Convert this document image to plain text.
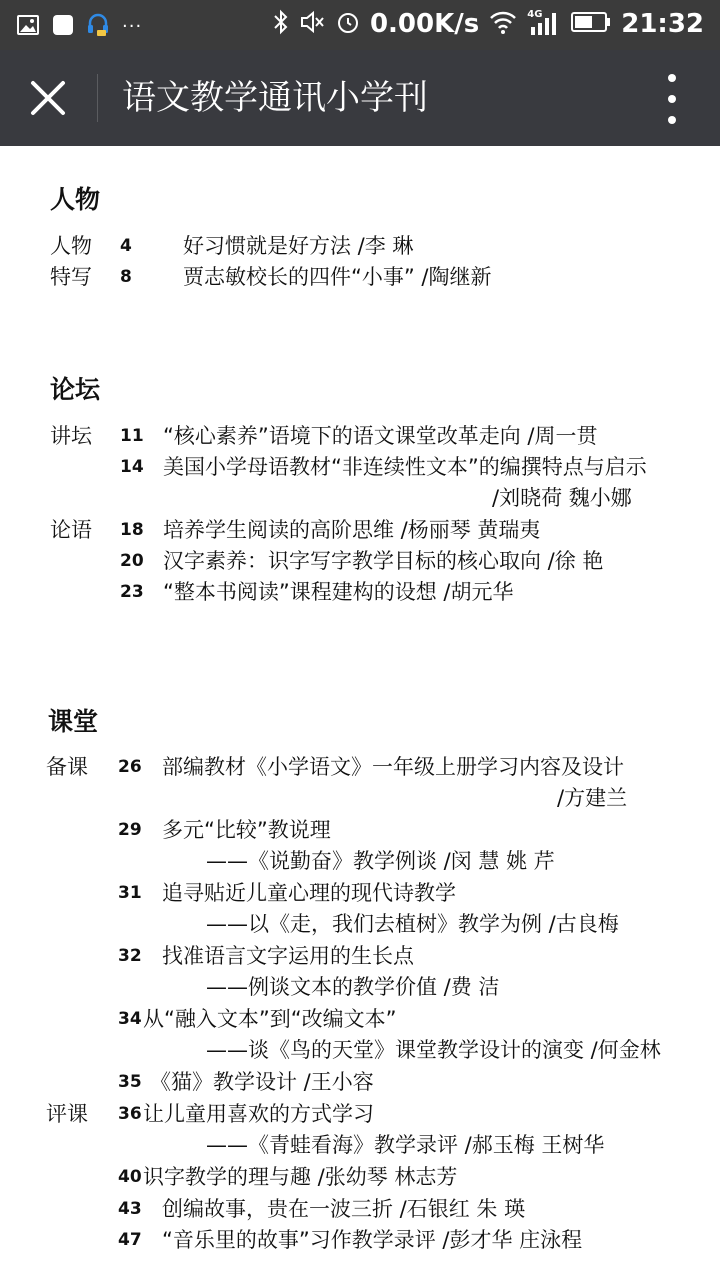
···	0.00K/s	4G	21:32
语文教学通讯小学刊
人物
人物 4 好习惯就是好方法 /李 琳
特写 8 贾志敏校长的四件“小事” /陶继新
论坛
讲坛 11 “核心素养”语境下的语文课堂改革走向 /周一贯
14 美国小学母语教材“非连续性文本”的编撰特点与启示
/刘晓荷 魏小娜
论语 18 培养学生阅读的高阶思维 /杨丽琴 黄瑞夷
20 汉字素养：识字写字教学目标的核心取向 /徐 艳
23 “整本书阅读”课程建构的设想 /胡元华
课堂
备课 26 部编教材《小学语文》一年级上册学习内容及设计
/方建兰
29 多元“比较”教说理
——《说勤奋》教学例谈 /闵 慧 姚 芹
31 追寻贴近儿童心理的现代诗教学
——以《走，我们去植树》教学为例 /古良梅
32 找准语言文字运用的生长点
——例谈文本的教学价值 /费 洁
34 从“融入文本”到“改编文本”
——谈《鸟的天堂》课堂教学设计的演变 /何金林
35 《猫》教学设计 /王小容
评课 36 让儿童用喜欢的方式学习
——《青蛙看海》教学录评 /郝玉梅 王树华
40 识字教学的理与趣 /张幼琴 林志芳
43 创编故事，贵在一波三折 /石银红 朱 瑛
47 “音乐里的故事”习作教学录评 /彭才华 庄泳程
